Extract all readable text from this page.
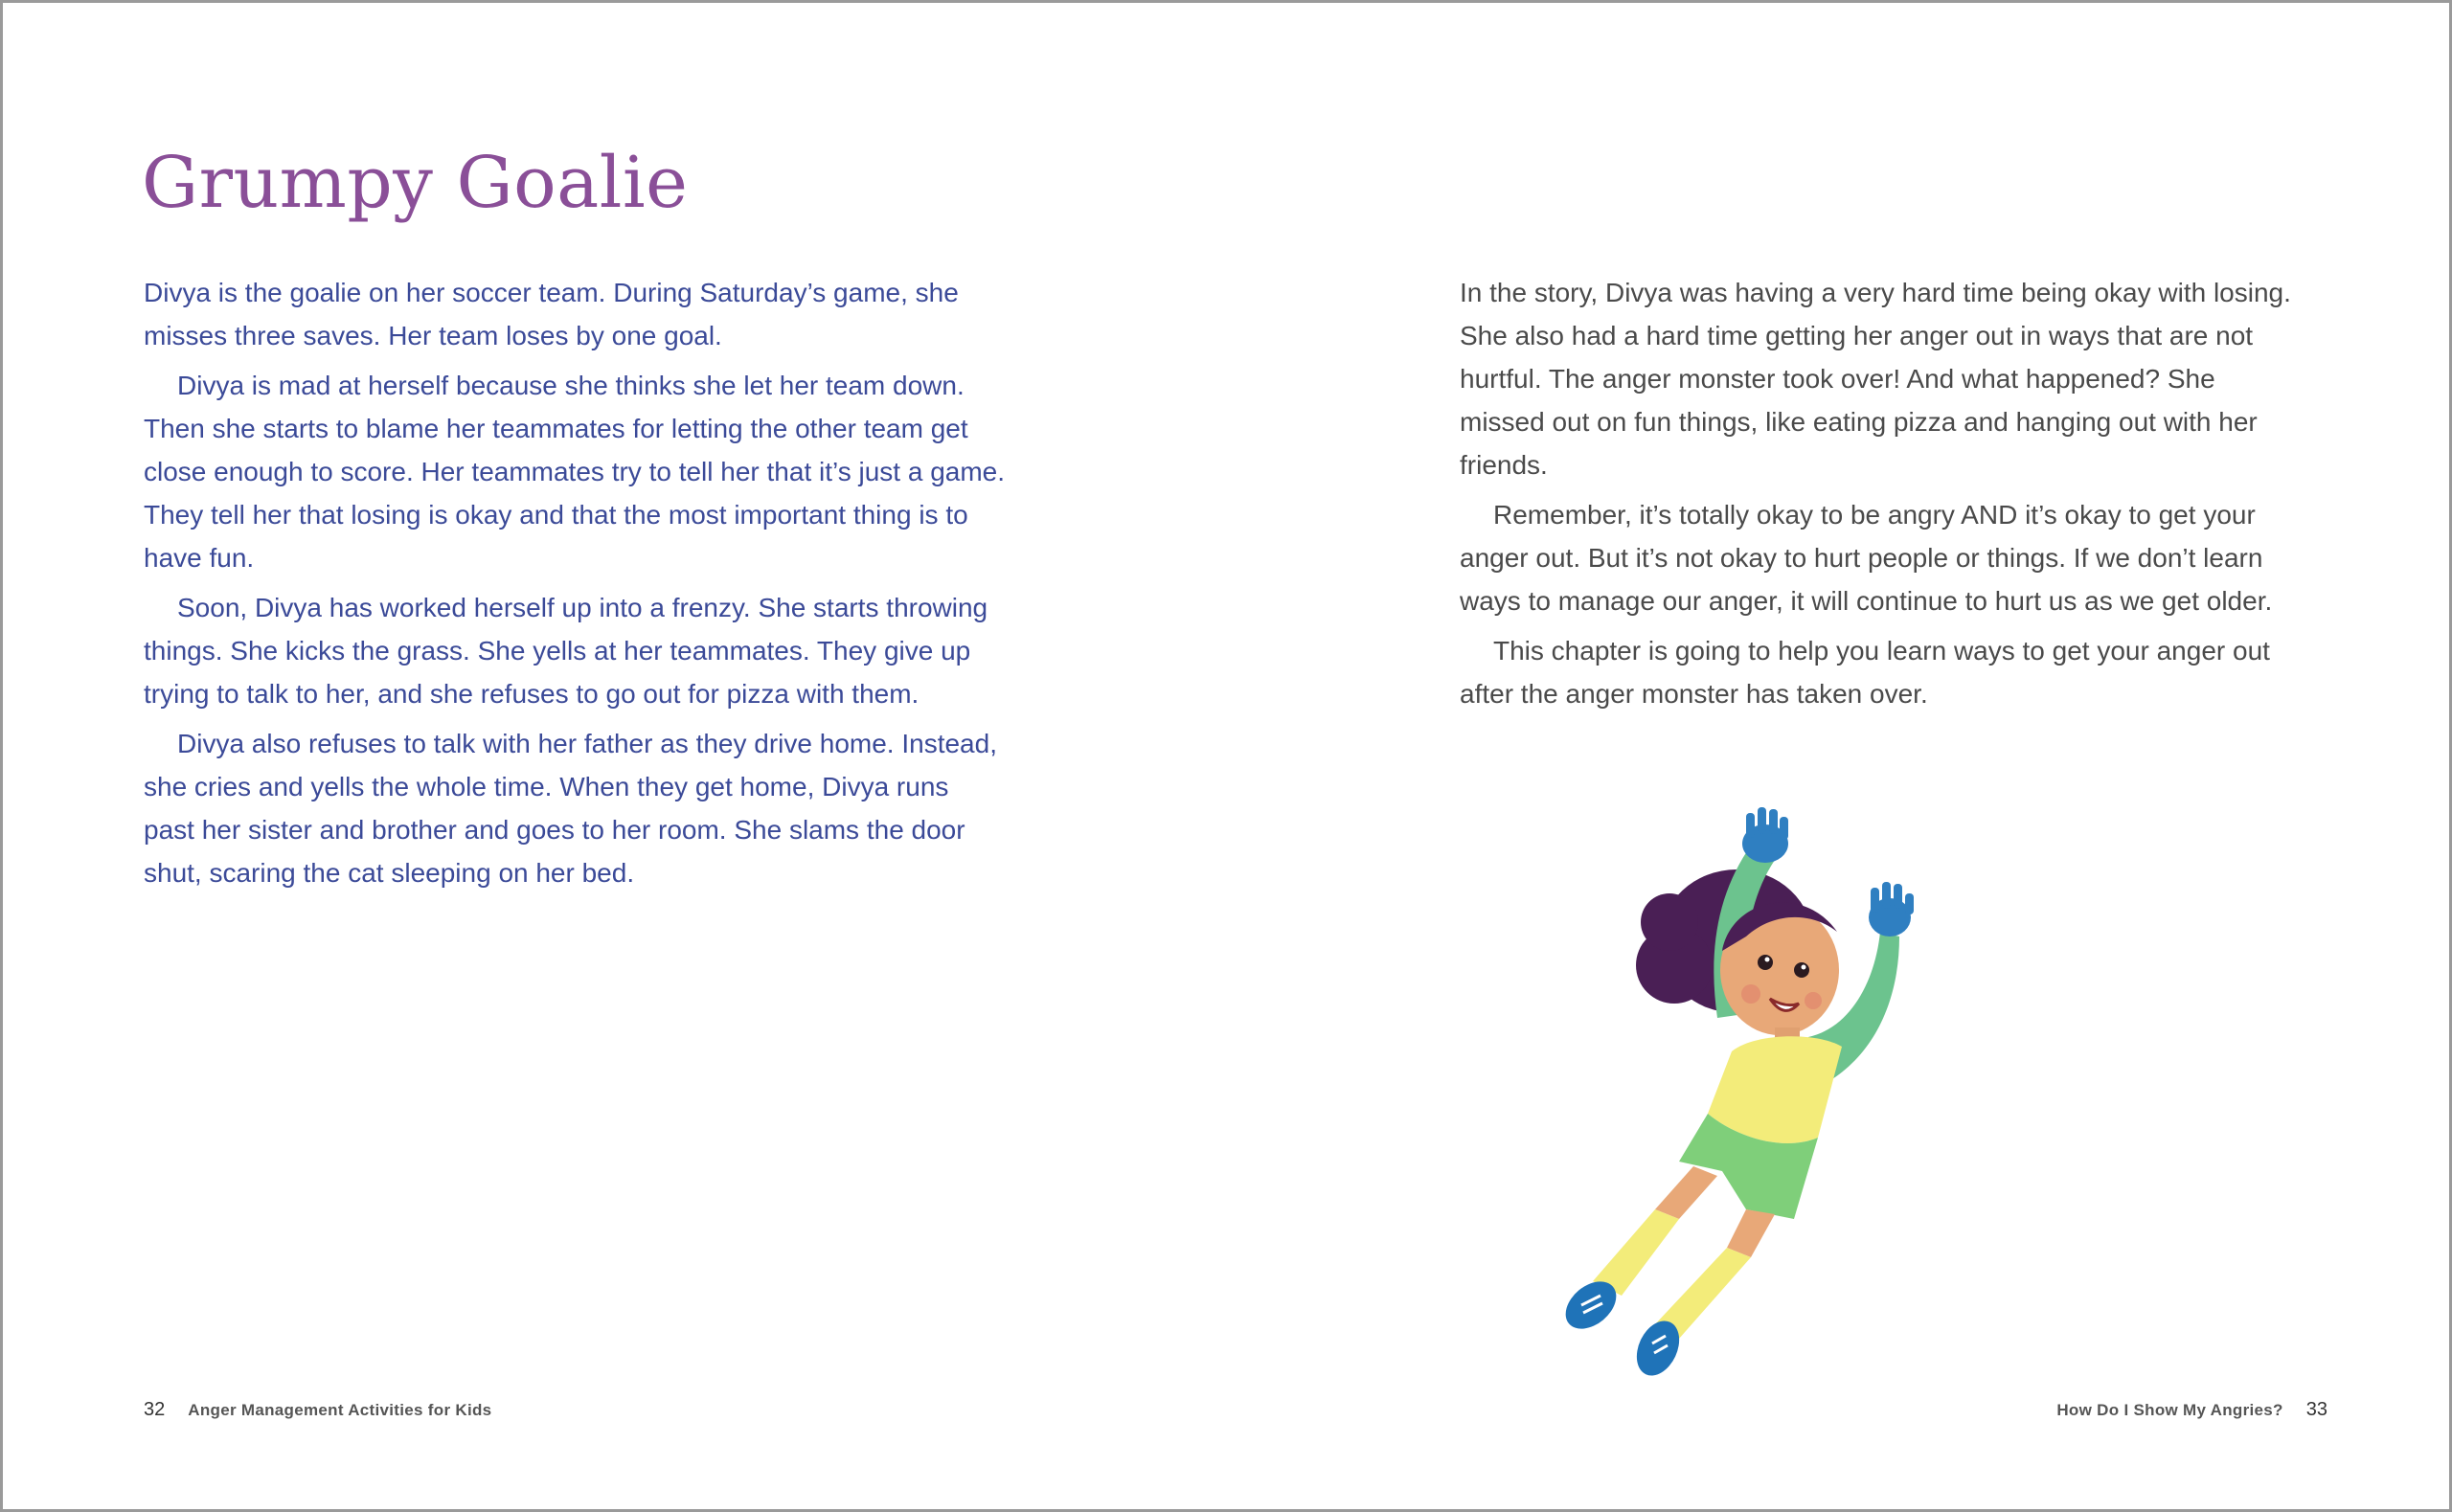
Grumpy Goalie

Divya is the goalie on her soccer team. During Saturday’s game, she misses three saves. Her team loses by one goal.

Divya is mad at herself because she thinks she let her team down. Then she starts to blame her teammates for letting the other team get close enough to score. Her teammates try to tell her that it’s just a game. They tell her that losing is okay and that the most important thing is to have fun.

Soon, Divya has worked herself up into a frenzy. She starts throwing things. She kicks the grass. She yells at her teammates. They give up trying to talk to her, and she refuses to go out for pizza with them.

Divya also refuses to talk with her father as they drive home. Instead, she cries and yells the whole time. When they get home, Divya runs past her sister and brother and goes to her room. She slams the door shut, scaring the cat sleeping on her bed.

32 Anger Management Activities for Kids

In the story, Divya was having a very hard time being okay with losing. She also had a hard time getting her anger out in ways that are not hurtful. The anger monster took over! And what happened? She missed out on fun things, like eating pizza and hanging out with her friends.

Remember, it’s totally okay to be angry AND it’s okay to get your anger out. But it’s not okay to hurt people or things. If we don’t learn ways to manage our anger, it will continue to hurt us as we get older.

This chapter is going to help you learn ways to get your anger out after the anger monster has taken over.

How Do I Show My Angries? 33
